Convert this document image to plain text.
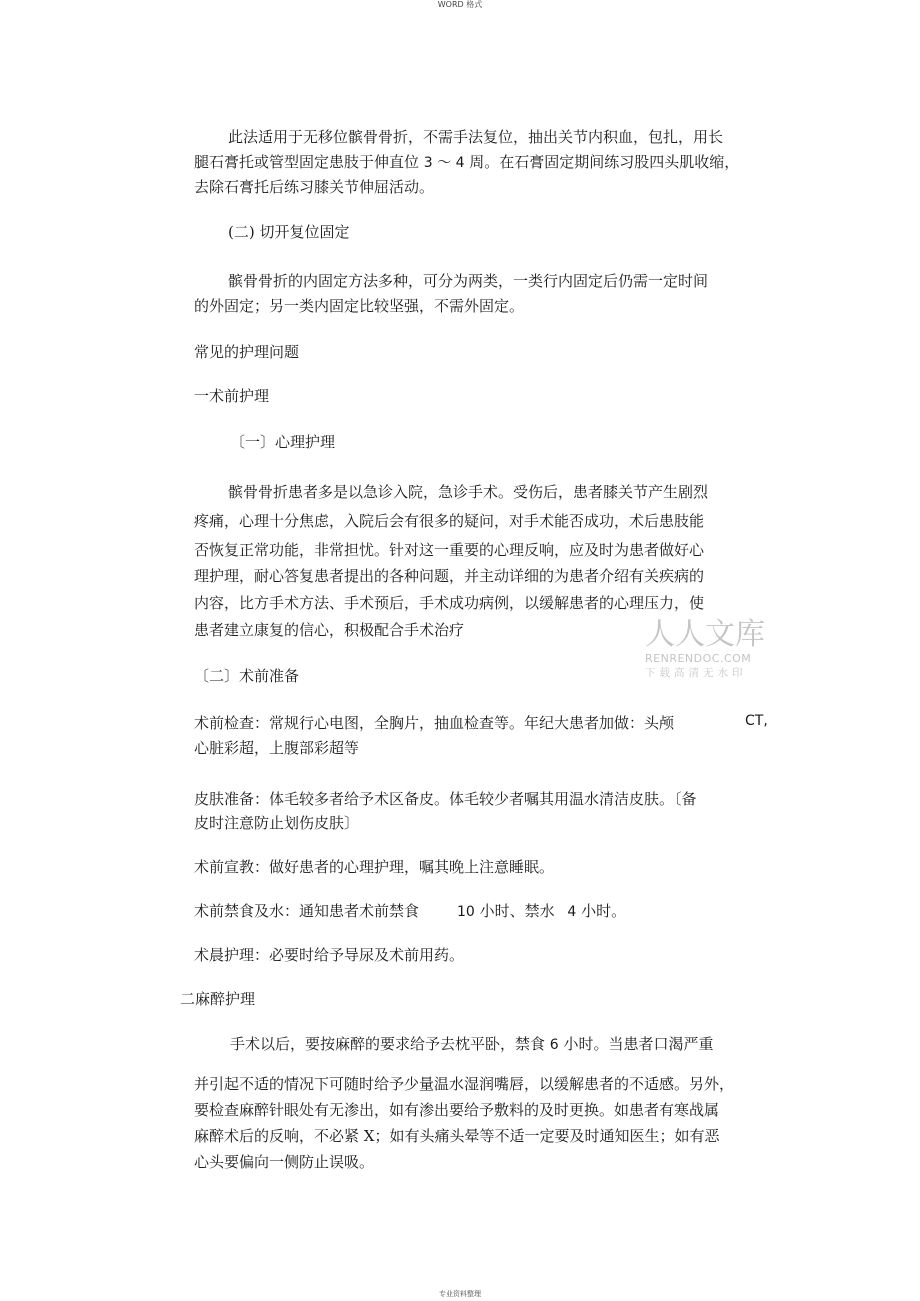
WORD 格式
此法适用于无移位髌骨骨折，不需手法复位，抽出关节内积血，包扎，用长
腿石膏托或管型固定患肢于伸直位 3 ～ 4 周。在石膏固定期间练习股四头肌收缩，
去除石膏托后练习膝关节伸屈活动。
(二) 切开复位固定
髌骨骨折的内固定方法多种，可分为两类，一类行内固定后仍需一定时间
的外固定；另一类内固定比较坚强，不需外固定。
常见的护理问题
一术前护理
〔一〕心理护理
髌骨骨折患者多是以急诊入院，急诊手术。受伤后，患者膝关节产生剧烈
疼痛，心理十分焦虑，入院后会有很多的疑问，对手术能否成功，术后患肢能
否恢复正常功能，非常担忧。针对这一重要的心理反响，应及时为患者做好心
理护理，耐心答复患者提出的各种问题，并主动详细的为患者介绍有关疾病的
内容，比方手术方法、手术预后，手术成功病例，以缓解患者的心理压力，使
患者建立康复的信心，积极配合手术治疗	人人文库
RENRENDOC.COM
下载高清无水印
〔二〕术前准备
术前检查：常规行心电图，全胸片，抽血检查等。年纪大患者加做：头颅	CT,
心脏彩超，上腹部彩超等
皮肤准备：体毛较多者给予术区备皮。体毛较少者嘱其用温水清洁皮肤。〔备
皮时注意防止划伤皮肤〕
术前宣教：做好患者的心理护理，嘱其晚上注意睡眠。
术前禁食及水：通知患者术前禁食	10 小时、禁水 4 小时。
术晨护理：必要时给予导尿及术前用药。
二麻醉护理
手术以后，要按麻醉的要求给予去枕平卧，禁食 6 小时。当患者口渴严重
并引起不适的情况下可随时给予少量温水湿润嘴唇，以缓解患者的不适感。另外，
要检查麻醉针眼处有无渗出，如有渗出要给予敷料的及时更换。如患者有寒战属
麻醉术后的反响，不必紧 X；如有头痛头晕等不适一定要及时通知医生；如有恶
心头要偏向一侧防止误吸。
专业资料整理
